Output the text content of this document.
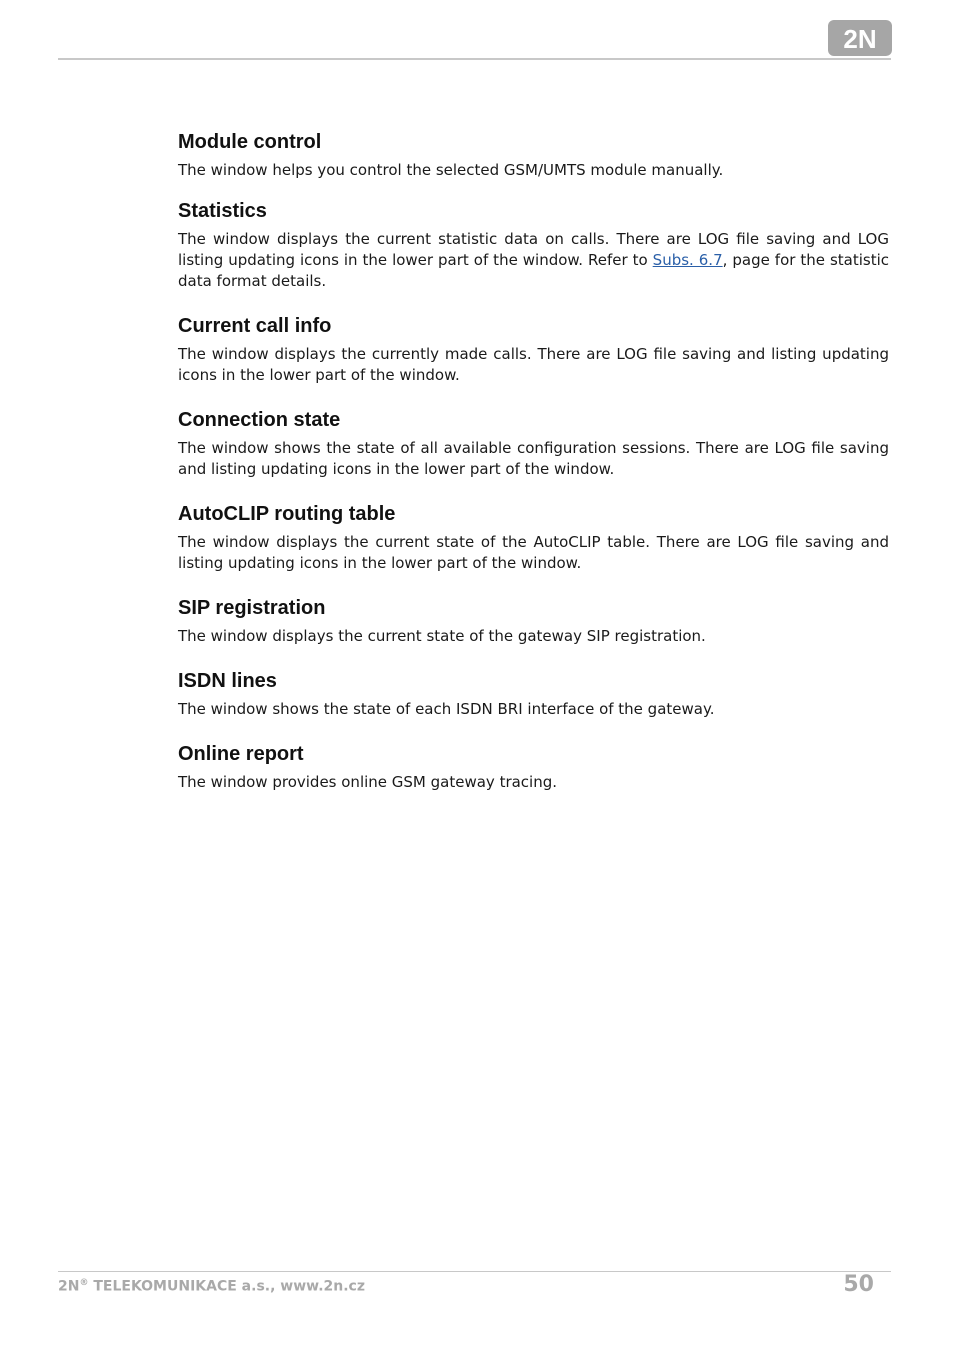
2N
Module control

The window helps you control the selected GSM/UMTS module manually.

Statistics

The window displays the current statistic data on calls. There are LOG file saving and LOG listing updating icons in the lower part of the window. Refer to Subs. 6.7, page for the statistic data format details.

Current call info

The window displays the currently made calls. There are LOG file saving and listing updating icons in the lower part of the window.

Connection state

The window shows the state of all available configuration sessions. There are LOG file saving and listing updating icons in the lower part of the window.

AutoCLIP routing table

The window displays the current state of the AutoCLIP table. There are LOG file saving and listing updating icons in the lower part of the window.

SIP registration

The window displays the current state of the gateway SIP registration.

ISDN lines

The window shows the state of each ISDN BRI interface of the gateway.

Online report

The window provides online GSM gateway tracing.

2N® TELEKOMUNIKACE a.s., www.2n.cz	50
